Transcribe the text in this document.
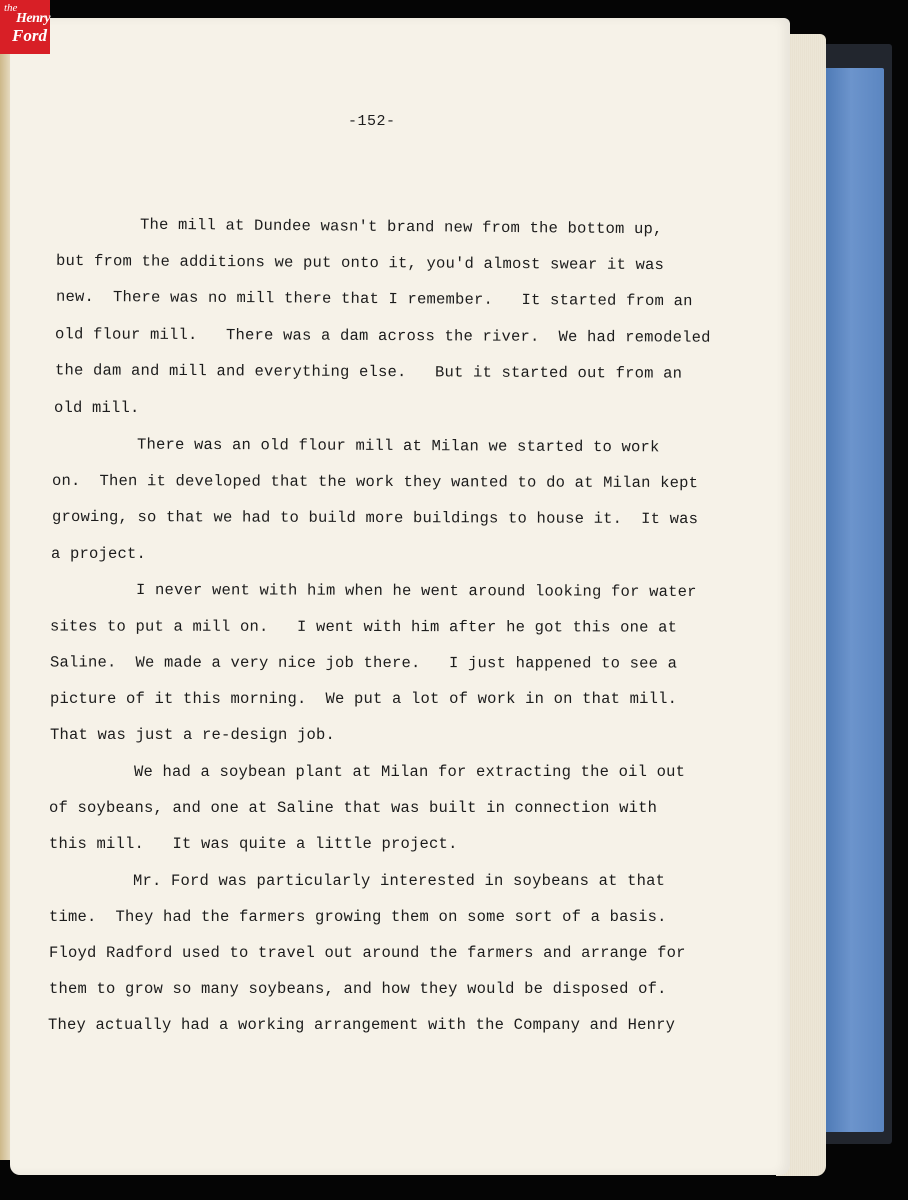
the
Henry
Ford
-152-
The mill at Dundee wasn't brand new from the bottom up,
but from the additions we put onto it, you'd almost swear it was
new.  There was no mill there that I remember.   It started from an
old flour mill.   There was a dam across the river.  We had remodeled
the dam and mill and everything else.   But it started out from an
old mill.
There was an old flour mill at Milan we started to work
on.  Then it developed that the work they wanted to do at Milan kept
growing, so that we had to build more buildings to house it.  It was
a project.
I never went with him when he went around looking for water
sites to put a mill on.   I went with him after he got this one at
Saline.  We made a very nice job there.   I just happened to see a
picture of it this morning.  We put a lot of work in on that mill.
That was just a re-design job.
We had a soybean plant at Milan for extracting the oil out
of soybeans, and one at Saline that was built in connection with
this mill.   It was quite a little project.
Mr. Ford was particularly interested in soybeans at that
time.  They had the farmers growing them on some sort of a basis.
Floyd Radford used to travel out around the farmers and arrange for
them to grow so many soybeans, and how they would be disposed of.
They actually had a working arrangement with the Company and Henry
